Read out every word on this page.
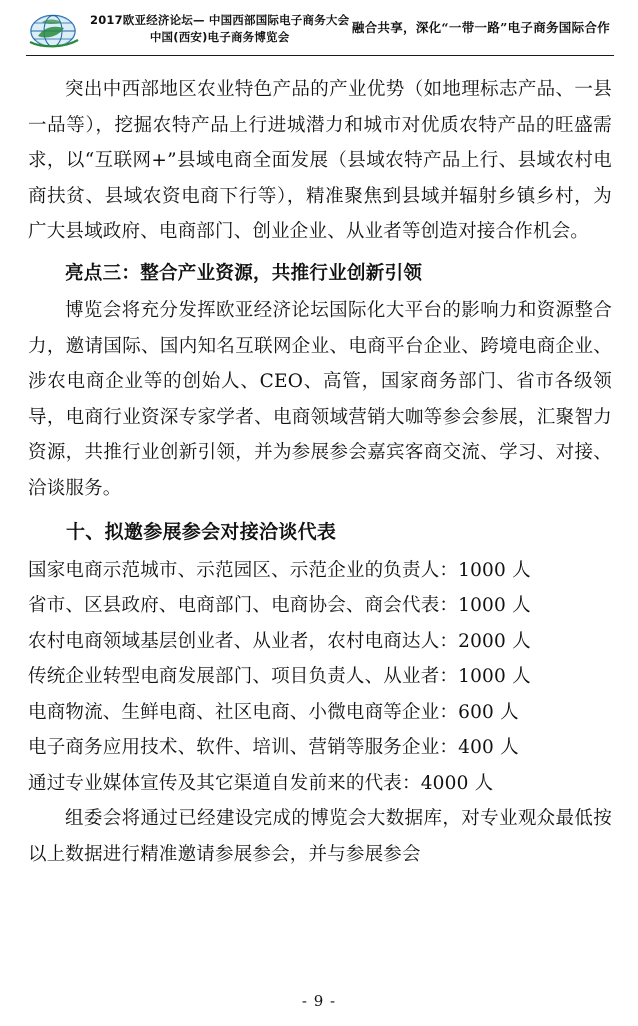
2017欧亚经济论坛— 中国西部国际电子商务大会
中国(西安)电子商务博览会
融合共享，深化“一带一路”电子商务国际合作

突出中西部地区农业特色产品的产业优势（如地理标志产品、一县一品等），挖掘农特产品上行进城潜力和城市对优质农特产品的旺盛需求，以“互联网+”县域电商全面发展（县域农特产品上行、县域农村电商扶贫、县域农资电商下行等），精准聚焦到县域并辐射乡镇乡村，为广大县域政府、电商部门、创业企业、从业者等创造对接合作机会。

亮点三：整合产业资源，共推行业创新引领

博览会将充分发挥欧亚经济论坛国际化大平台的影响力和资源整合力，邀请国际、国内知名互联网企业、电商平台企业、跨境电商企业、涉农电商企业等的创始人、CEO、高管，国家商务部门、省市各级领导，电商行业资深专家学者、电商领域营销大咖等参会参展，汇聚智力资源，共推行业创新引领，并为参展参会嘉宾客商交流、学习、对接、洽谈服务。

十、拟邀参展参会对接洽谈代表

国家电商示范城市、示范园区、示范企业的负责人：1000 人

省市、区县政府、电商部门、电商协会、商会代表：1000 人

农村电商领域基层创业者、从业者，农村电商达人：2000 人

传统企业转型电商发展部门、项目负责人、从业者：1000 人

电商物流、生鲜电商、社区电商、小微电商等企业：600 人

电子商务应用技术、软件、培训、营销等服务企业：400 人

通过专业媒体宣传及其它渠道自发前来的代表：4000 人

组委会将通过已经建设完成的博览会大数据库，对专业观众最低按以上数据进行精准邀请参展参会，并与参展参会

- 9 -
